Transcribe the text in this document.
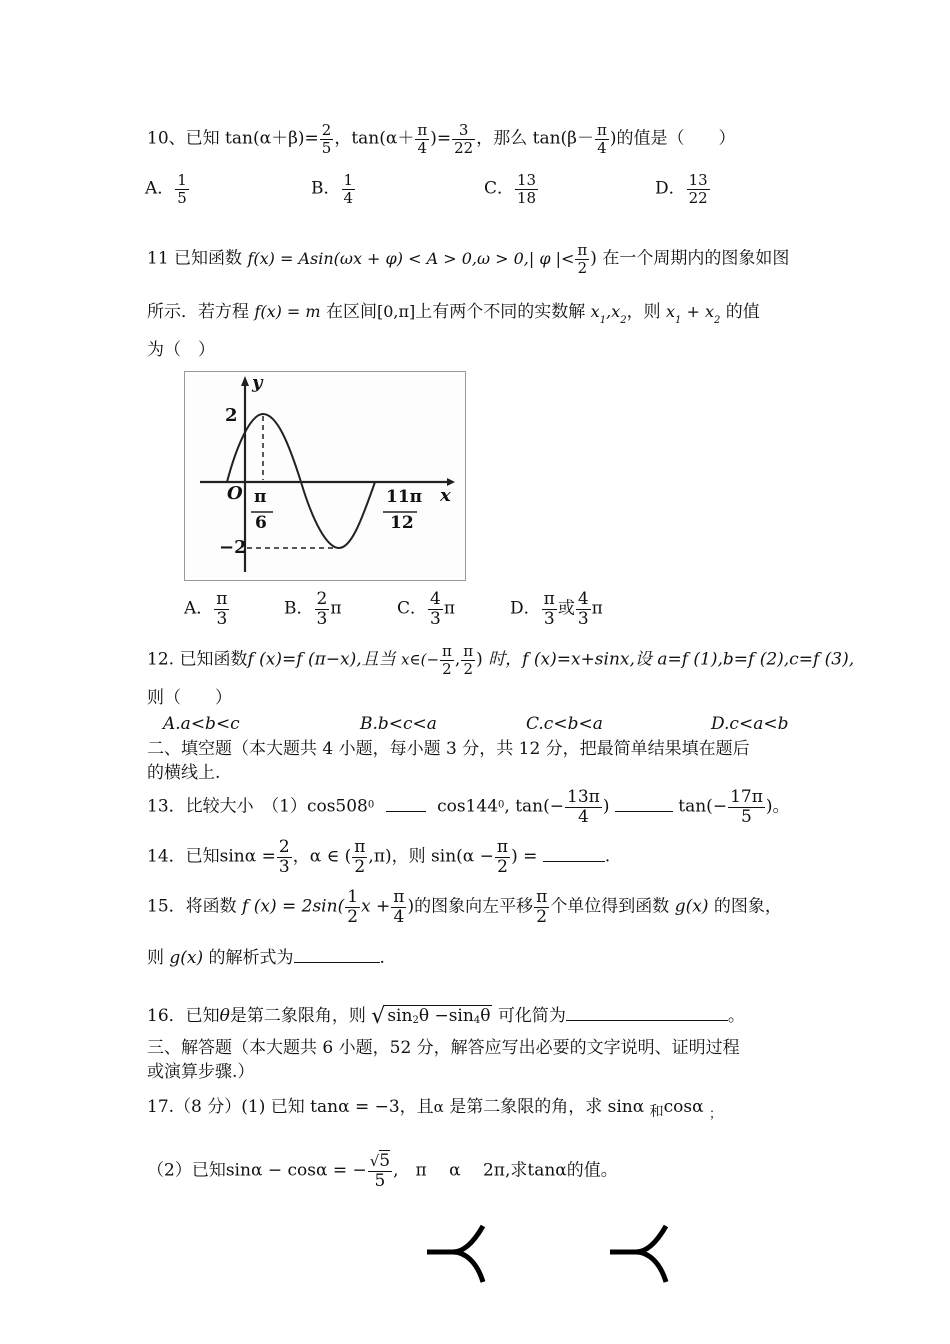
10、已知 $\tan(\alpha+\beta)= \frac{2}{5}$ ，$\tan(\alpha+ \frac{\pi}{4}$ )= $\frac{3}{22}$ ，那么 $\tan(\beta- \frac{\pi}{4}$ )的值是（　　）
A． $\frac{1}{5}$	B． $\frac{1}{4}$	C． $\frac{13}{18}$	D． $\frac{13}{22}$
11 已知函数 f(x) = Asin(ωx + φ) < A > 0,ω > 0,| φ |< $\frac{\pi}{2}$ ) 在一个周期内的图象如图
所示．若方程 f(x) = m 在区间[0,π]上有两个不同的实数解 $x_1,x_2$，则 $x_1 + x_2$ 的值
为（　）
y
x
O
2
−2
π
6
11π
12
A． $\frac{\pi}{3}$	B． $\frac{2}{3}$ π	C． $\frac{4}{3}$ π	D． $\frac{\pi}{3}$ 或 $\frac{4}{3}$ π
12. 已知函数f (x)=f (π−x),且当 x∈(− $\frac{\pi}{2}$ , $\frac{\pi}{2}$ ) 时，f (x)=x+sinx,设 a=f (1),b=f (2),c=f (3),
则（　　）
A.a<b<c	B.b<c<a	C.c<b<a	D.c<a<b
二、填空题（本大题共 4 小题，每小题 3 分，共 12 分，把最简单结果填在题后
的横线上.
13．比较大小　$(1)\cos 508^0$	$\cos 144^0$, $\tan(- \frac{13\pi}{4}$ )	$\tan(- \frac{17\pi}{5}$ )。
14．已知$\sin\alpha = \frac{2}{3}$ ，α ∈ ( $\frac{\pi}{2} ,\pi$)，则 $\sin(\alpha - \frac{\pi}{2}$ ) =	.
15．将函数 f $(x) = 2\sin( \frac{1}{2}$ $x + \frac{\pi}{4}$ )的图象向左平移 $\frac{\pi}{2}$ 个单位得到函数 g(x) 的图象，
则 g(x) 的解析式为	.
16．已知θ是第二象限角，则 √ $\sin_2\theta -\sin_4\theta$ 可化简为	。
三、解答题（本大题共 6 小题，52 分，解答应写出必要的文字说明、证明过程
或演算步骤.）
17.（8 分）(1) 已知 tanα = −3，且α 是第二象限的角，求 sinα $_和$cosα $_;$
（2）已知sinα − cosα = − $\frac{√5}{5}$ ,　π　 α　 2π,求tanα的值。
